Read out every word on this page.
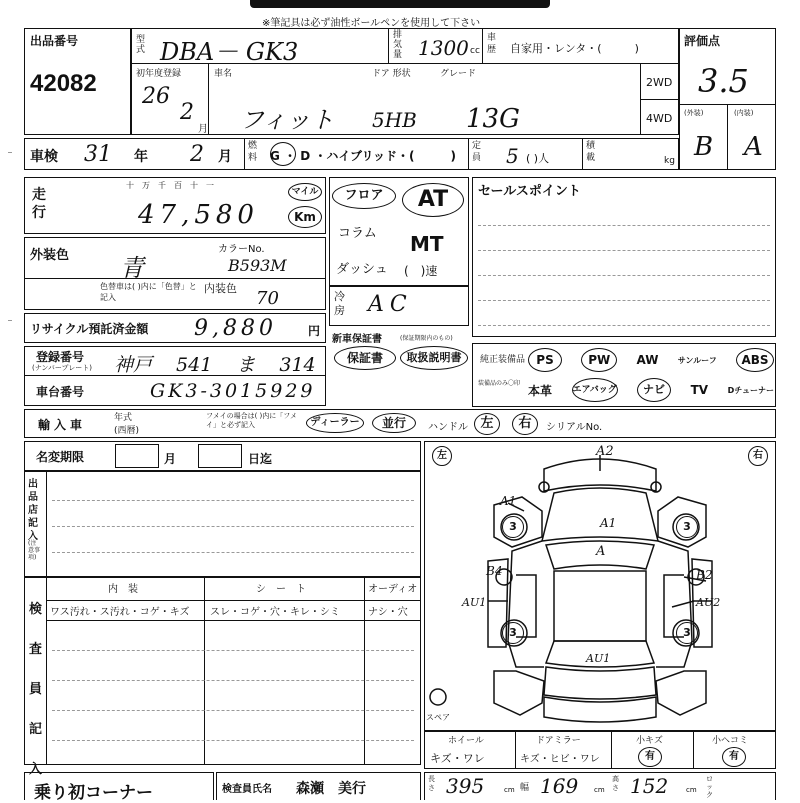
※筆記具は必ず油性ボールペンを使用して下さい
出品番号
42082
型式 DBA－ GK3
排気量 1300 cc
車歴 自家用・レンタ・(　　　)
初年度登録
26
2
月
車名
フィット
ドア 形状
5HB
グレード
13G
2WD
4WD
評価点
3.5
(外装)	(内装)
B A
車検 31 年 2 月
燃料 G ・ D ・ハイブリッド・(　　　)
定員 5 ( )人
積載	kg
走行
十　万　千　百　十　一
47,580
マイル
Km
フロア	AT
コラム MT
ダッシュ (　)速
冷房 AC
セールスポイント
外装色 青
カラーNo.
B593M
色替車は( )内に「色替」と記入
内装色 70
リサイクル預託済金額 9,880	円
新車保証書	(保証期限内のもの)
保証書	取扱説明書
登録番号
(ナンバープレート) 神戸 541 ま 314
車台番号	GK3-3015929
純正装備品
装備品のみ〇印
PS	PW	AW サンルーフ	ABS
本革 エアバッグ	ナビ	TV Dチューナー
輸入車	年式(西暦)
フメイの場合は( )内に「フメイ」と必ず記入	ディーラー	並行	ハンドル 左	右	シリアルNo.
名変期限	月	日迄
出品店記入
(注意事項)
検査員記入
内　装	シ　ー　ト	オーディオ
ワス汚れ・ス汚れ・コゲ・キズ スレ・コゲ・穴・キレ・シミ	ナシ・穴
左	右
A2
A1
A
A1
B4	B2
AU1	AU2
AU1
3	3
3	3
スペア
ホイール
キズ・ワレ
ドアミラー
キズ・ヒビ・ワレ
小キズ
有
小ヘコミ
有
乗り初コーナー	検査員氏名 森瀬　美行
長さ 395	cm 幅 169 cm
高さ 152	cm
ロック
